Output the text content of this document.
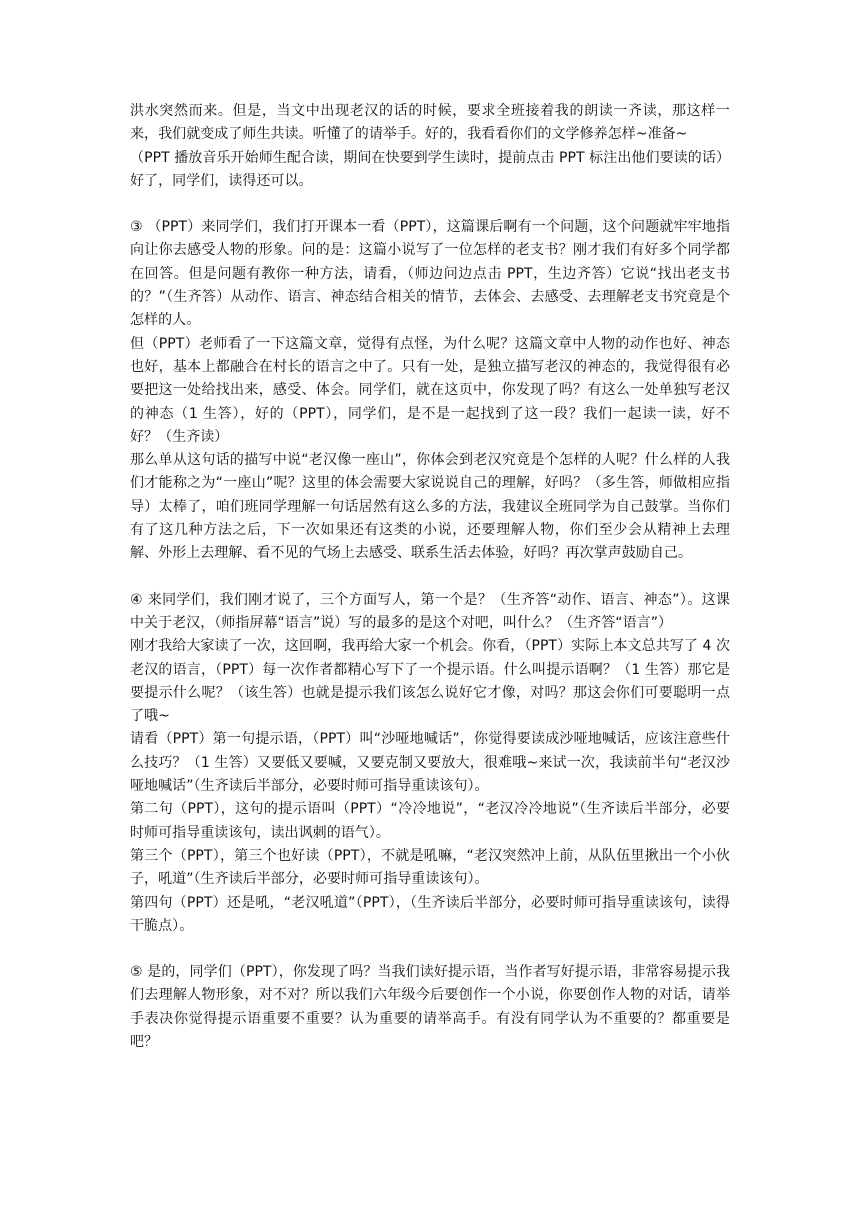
洪水突然而来。但是，当文中出现老汉的话的时候，要求全班接着我的朗读一齐读，那这样一来，我们就变成了师生共读。听懂了的请举手。好的，我看看你们的文学修养怎样~准备~

（PPT 播放音乐开始师生配合读，期间在快要到学生读时，提前点击 PPT 标注出他们要读的话）好了，同学们，读得还可以。

③ （PPT）来同学们，我们打开课本一看（PPT），这篇课后啊有一个问题，这个问题就牢牢地指向让你去感受人物的形象。问的是：这篇小说写了一位怎样的老支书？刚才我们有好多个同学都在回答。但是问题有教你一种方法，请看，（师边问边点击 PPT，生边齐答）它说“找出老支书的？”（生齐答）从动作、语言、神态结合相关的情节，去体会、去感受、去理解老支书究竟是个怎样的人。

但（PPT）老师看了一下这篇文章，觉得有点怪，为什么呢？这篇文章中人物的动作也好、神态也好，基本上都融合在村长的语言之中了。只有一处，是独立描写老汉的神态的，我觉得很有必要把这一处给找出来，感受、体会。同学们，就在这页中，你发现了吗？有这么一处单独写老汉的神态（1 生答），好的（PPT），同学们，是不是一起找到了这一段？我们一起读一读，好不好？（生齐读）

那么单从这句话的描写中说“老汉像一座山”，你体会到老汉究竟是个怎样的人呢？什么样的人我们才能称之为“一座山”呢？这里的体会需要大家说说自己的理解，好吗？（多生答，师做相应指导）太棒了，咱们班同学理解一句话居然有这么多的方法，我建议全班同学为自己鼓掌。当你们有了这几种方法之后，下一次如果还有这类的小说，还要理解人物，你们至少会从精神上去理解、外形上去理解、看不见的气场上去感受、联系生活去体验，好吗？再次掌声鼓励自己。

④ 来同学们，我们刚才说了，三个方面写人，第一个是？（生齐答“动作、语言、神态”）。这课中关于老汉，（师指屏幕“语言”说）写的最多的是这个对吧，叫什么？（生齐答“语言”）

刚才我给大家读了一次，这回啊，我再给大家一个机会。你看，（PPT）实际上本文总共写了 4 次老汉的语言，（PPT）每一次作者都精心写下了一个提示语。什么叫提示语啊？（1 生答）那它是要提示什么呢？（该生答）也就是提示我们该怎么说好它才像，对吗？那这会你们可要聪明一点了哦~

请看（PPT）第一句提示语，（PPT）叫“沙哑地喊话”，你觉得要读成沙哑地喊话，应该注意些什么技巧？（1 生答）又要低又要喊，又要克制又要放大，很难哦~来试一次，我读前半句“老汉沙哑地喊话”（生齐读后半部分，必要时师可指导重读该句）。

第二句（PPT），这句的提示语叫（PPT）“冷冷地说”，“老汉冷冷地说”（生齐读后半部分，必要时师可指导重读该句，读出讽刺的语气）。

第三个（PPT），第三个也好读（PPT），不就是吼嘛，“老汉突然冲上前，从队伍里揪出一个小伙子，吼道”（生齐读后半部分，必要时师可指导重读该句）。

第四句（PPT）还是吼，“老汉吼道”（PPT），（生齐读后半部分，必要时师可指导重读该句，读得干脆点）。

⑤ 是的，同学们（PPT），你发现了吗？当我们读好提示语，当作者写好提示语，非常容易提示我们去理解人物形象，对不对？所以我们六年级今后要创作一个小说，你要创作人物的对话，请举手表决你觉得提示语重要不重要？认为重要的请举高手。有没有同学认为不重要的？都重要是吧？
